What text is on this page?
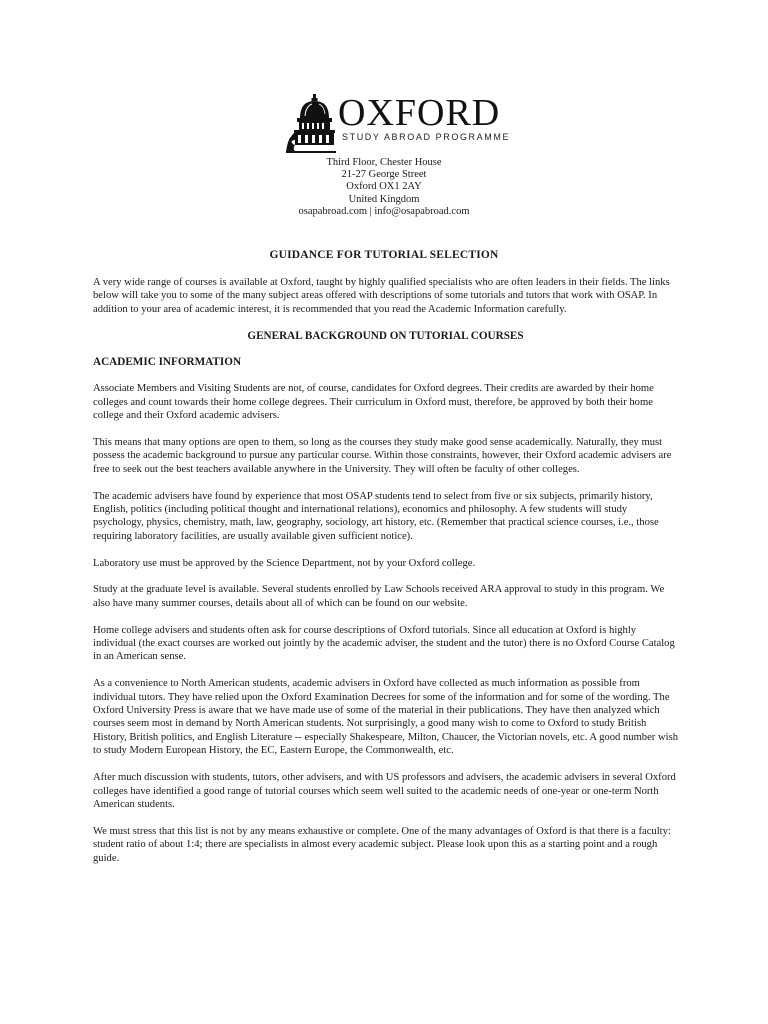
OXFORD
STUDY ABROAD PROGRAMME
Third Floor, Chester House
21-27 George Street
Oxford OX1 2AY
United Kingdom
osapabroad.com | info@osapabroad.com
GUIDANCE FOR TUTORIAL SELECTION

A very wide range of courses is available at Oxford, taught by highly qualified specialists who are often leaders in their fields. The links below will take you to some of the many subject areas offered with descriptions of some tutorials and tutors that work with OSAP. In addition to your area of academic interest, it is recommended that you read the Academic Information carefully.

GENERAL BACKGROUND ON TUTORIAL COURSES
ACADEMIC INFORMATION

Associate Members and Visiting Students are not, of course, candidates for Oxford degrees. Their credits are awarded by their home colleges and count towards their home college degrees. Their curriculum in Oxford must, therefore, be approved by both their home college and their Oxford academic advisers.

This means that many options are open to them, so long as the courses they study make good sense academically. Naturally, they must possess the academic background to pursue any particular course. Within those constraints, however, their Oxford academic advisers are free to seek out the best teachers available anywhere in the University. They will often be faculty of other colleges.

The academic advisers have found by experience that most OSAP students tend to select from five or six subjects, primarily history, English, politics (including political thought and international relations), economics and philosophy. A few students will study psychology, physics, chemistry, math, law, geography, sociology, art history, etc. (Remember that practical science courses, i.e., those requiring laboratory facilities, are usually available given sufficient notice).

Laboratory use must be approved by the Science Department, not by your Oxford college.

Study at the graduate level is available. Several students enrolled by Law Schools received ARA approval to study in this program. We also have many summer courses, details about all of which can be found on our website.

Home college advisers and students often ask for course descriptions of Oxford tutorials. Since all education at Oxford is highly individual (the exact courses are worked out jointly by the academic adviser, the student and the tutor) there is no Oxford Course Catalog in an American sense.

As a convenience to North American students, academic advisers in Oxford have collected as much information as possible from individual tutors. They have relied upon the Oxford Examination Decrees for some of the information and for some of the wording. The Oxford University Press is aware that we have made use of some of the material in their publications. They have then analyzed which courses seem most in demand by North American students. Not surprisingly, a good many wish to come to Oxford to study British History, British politics, and English Literature -- especially Shakespeare, Milton, Chaucer, the Victorian novels, etc. A good number wish to study Modern European History, the EC, Eastern Europe, the Commonwealth, etc.

After much discussion with students, tutors, other advisers, and with US professors and advisers, the academic advisers in several Oxford colleges have identified a good range of tutorial courses which seem well suited to the academic needs of one-year or one-term North American students.

We must stress that this list is not by any means exhaustive or complete. One of the many advantages of Oxford is that there is a faculty: student ratio of about 1:4; there are specialists in almost every academic subject. Please look upon this as a starting point and a rough guide.
